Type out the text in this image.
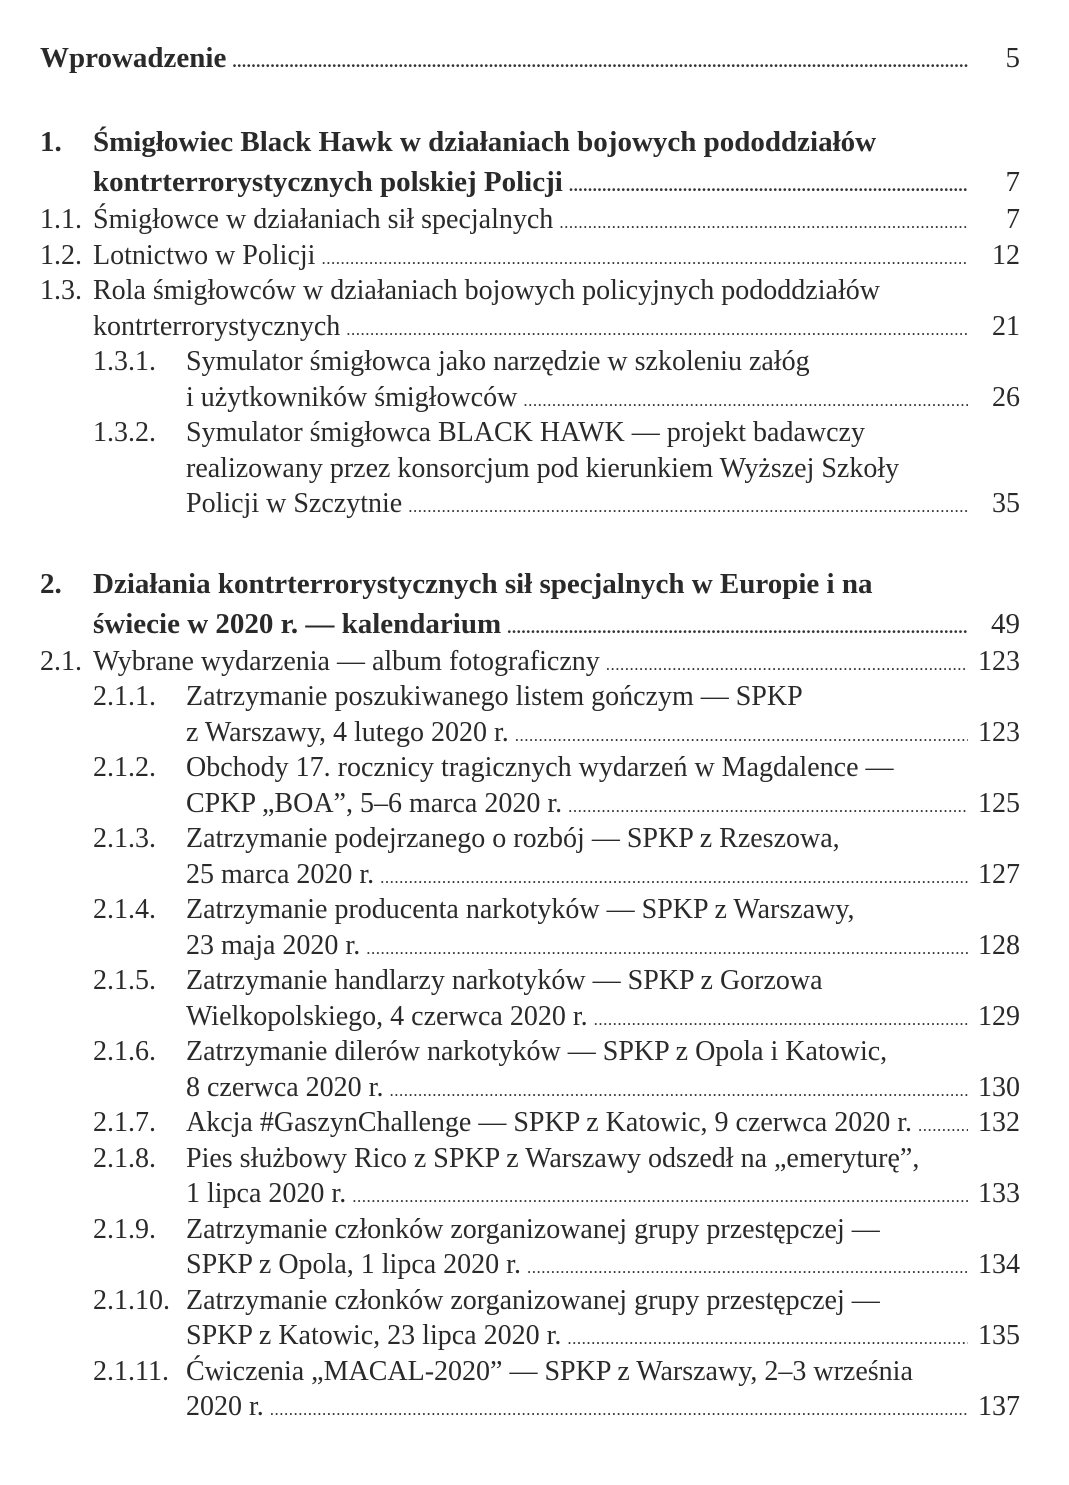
Wprowadzenie .....	5
1. Śmigłowiec Black Hawk w działaniach bojowych pododdziałów
kontrterrorystycznych polskiej Policji .....	7
1.1. Śmigłowce w działaniach sił specjalnych .....	7
1.2. Lotnictwo w Policji .....	12
1.3. Rola śmigłowców w działaniach bojowych policyjnych pododdziałów
kontrterrorystycznych .....	21
1.3.1. Symulator śmigłowca jako narzędzie w szkoleniu załóg
i użytkowników śmigłowców .....	26
1.3.2. Symulator śmigłowca BLACK HAWK — projekt badawczy
realizowany przez konsorcjum pod kierunkiem Wyższej Szkoły
Policji w Szczytnie .....	35
2. Działania kontrterrorystycznych sił specjalnych w Europie i na
świecie w 2020 r. — kalendarium .....	49
2.1. Wybrane wydarzenia — album fotograficzny .....	123
2.1.1. Zatrzymanie poszukiwanego listem gończym — SPKP
z Warszawy, 4 lutego 2020 r. .....	123
2.1.2. Obchody 17. rocznicy tragicznych wydarzeń w Magdalence —
CPKP „BOA”, 5–6 marca 2020 r. .....	125
2.1.3. Zatrzymanie podejrzanego o rozbój — SPKP z Rzeszowa,
25 marca 2020 r. .....	127
2.1.4. Zatrzymanie producenta narkotyków — SPKP z Warszawy,
23 maja 2020 r. .....	128
2.1.5. Zatrzymanie handlarzy narkotyków — SPKP z Gorzowa
Wielkopolskiego, 4 czerwca 2020 r. .....	129
2.1.6. Zatrzymanie dilerów narkotyków — SPKP z Opola i Katowic,
8 czerwca 2020 r. .....	130
2.1.7. Akcja #GaszynChallenge — SPKP z Katowic, 9 czerwca 2020 r. ..... 132
2.1.8. Pies służbowy Rico z SPKP z Warszawy odszedł na „emeryturę”,
1 lipca 2020 r. .....	133
2.1.9. Zatrzymanie członków zorganizowanej grupy przestępczej —
SPKP z Opola, 1 lipca 2020 r. .....	134
2.1.10. Zatrzymanie członków zorganizowanej grupy przestępczej —
SPKP z Katowic, 23 lipca 2020 r. .....	135
2.1.11. Ćwiczenia „MACAL-2020” — SPKP z Warszawy, 2–3 września
2020 r. .....	137
